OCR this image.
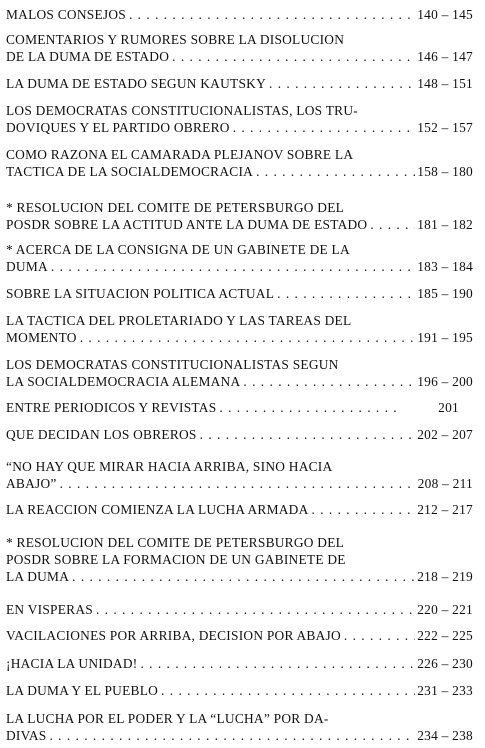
MALOS CONSEJOS . . .	140 – 145
COMENTARIOS Y RUMORES SOBRE LA DISOLUCION
DE LA DUMA DE ESTADO . . .	146 – 147
LA DUMA DE ESTADO SEGUN KAUTSKY . . .	148 – 151
LOS DEMOCRATAS CONSTITUCIONALISTAS, LOS TRU-
DOVIQUES Y EL PARTIDO OBRERO . . .	152 – 157
COMO RAZONA EL CAMARADA PLEJANOV SOBRE LA
TACTICA DE LA SOCIALDEMOCRACIA . . .	158 – 180
* RESOLUCION DEL COMITE DE PETERSBURGO DEL
POSDR SOBRE LA ACTITUD ANTE LA DUMA DE ESTADO . . .	181 – 182
* ACERCA DE LA CONSIGNA DE UN GABINETE DE LA
DUMA . . .	183 – 184
SOBRE LA SITUACION POLITICA ACTUAL . . .	185 – 190
LA TACTICA DEL PROLETARIADO Y LAS TAREAS DEL
MOMENTO . . .	191 – 195
LOS DEMOCRATAS CONSTITUCIONALISTAS SEGUN
LA SOCIALDEMOCRACIA ALEMANA . . .	196 – 200
ENTRE PERIODICOS Y REVISTAS . . .	201
QUE DECIDAN LOS OBREROS . . .	202 – 207
“NO HAY QUE MIRAR HACIA ARRIBA, SINO HACIA
ABAJO” . . .	208 – 211
LA REACCION COMIENZA LA LUCHA ARMADA . . .	212 – 217
* RESOLUCION DEL COMITE DE PETERSBURGO DEL
POSDR SOBRE LA FORMACION DE UN GABINETE DE
LA DUMA . . .	218 – 219
EN VISPERAS . . .	220 – 221
VACILACIONES POR ARRIBA, DECISION POR ABAJO . . .	222 – 225
¡HACIA LA UNIDAD! . . .	226 – 230
LA DUMA Y EL PUEBLO . . .	231 – 233
LA LUCHA POR EL PODER Y LA “LUCHA” POR DA-
DIVAS . . .	234 – 238
